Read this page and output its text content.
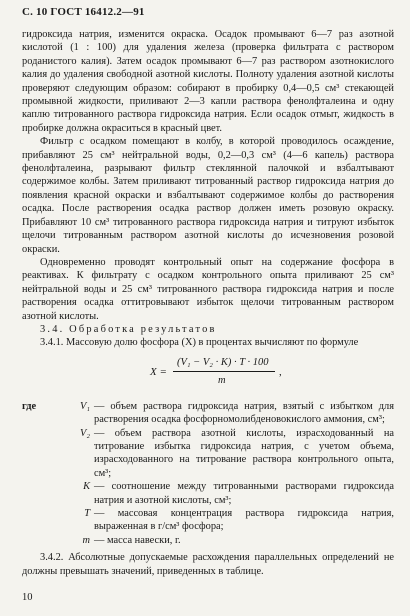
С. 10 ГОСТ 16412.2—91

гидроксида натрия, изменится окраска. Осадок промывают 6—7 раз азотной кислотой (1 : 100) для удаления железа (проверка фильтрата с раствором роданистого калия). Затем осадок промывают 6—7 раз раствором азотнокислого калия до удаления свободной азотной кислоты. Полноту удаления азотной кислоты проверяют следующим образом: собирают в пробирку 0,4—0,5 см³ стекающей промывной жидкости, приливают 2—3 капли раствора фенолфталеина и одну каплю титрованного раствора гидроксида натрия. Если осадок отмыт, жидкость в пробирке должна окраситься в красный цвет.

Фильтр с осадком помещают в колбу, в которой проводилось осаждение, прибавляют 25 см³ нейтральной воды, 0,2—0,3 см³ (4—6 капель) раствора фенолфталеина, разрывают фильтр стеклянной палочкой и взбалтывают содержимое колбы. Затем приливают титрованный раствор гидроксида натрия до появления красной окраски и взбалтывают содержимое колбы до растворения осадка. После растворения осадка раствор должен иметь розовую окраску. Прибавляют 10 см³ титрованного раствора гидроксида натрия и титруют избыток щелочи титрованным раствором азотной кислоты до исчезновения розовой окраски.

Одновременно проводят контрольный опыт на содержание фосфора в реактивах. К фильтрату с осадком контрольного опыта приливают 25 см³ нейтральной воды и 25 см³ титрованного раствора гидроксида натрия и после растворения осадка оттитровывают избыток щелочи титрованным раствором азотной кислоты.

3.4. Обработка результатов

3.4.1. Массовую долю фосфора (X) в процентах вычисляют по формуле

X =
(V₁ − V₂ · K) · T · 100
m
,
где	V₁ — объем раствора гидроксида натрия, взятый с избытком для растворения осадка фосфорномолибденовокислого аммония, см³;
V₂ — объем раствора азотной кислоты, израсходованный на титрование избытка гидроксида натрия, с учетом объема, израсходованного на титрование раствора контрольного опыта, см³;
K — соотношение между титрованными растворами гидроксида натрия и азотной кислоты, см³;
T — массовая концентрация раствора гидроксида натрия, выраженная в г/см³ фосфора;
m — масса навески, г.

3.4.2. Абсолютные допускаемые расхождения параллельных определений не должны превышать значений, приведенных в таблице.

10
